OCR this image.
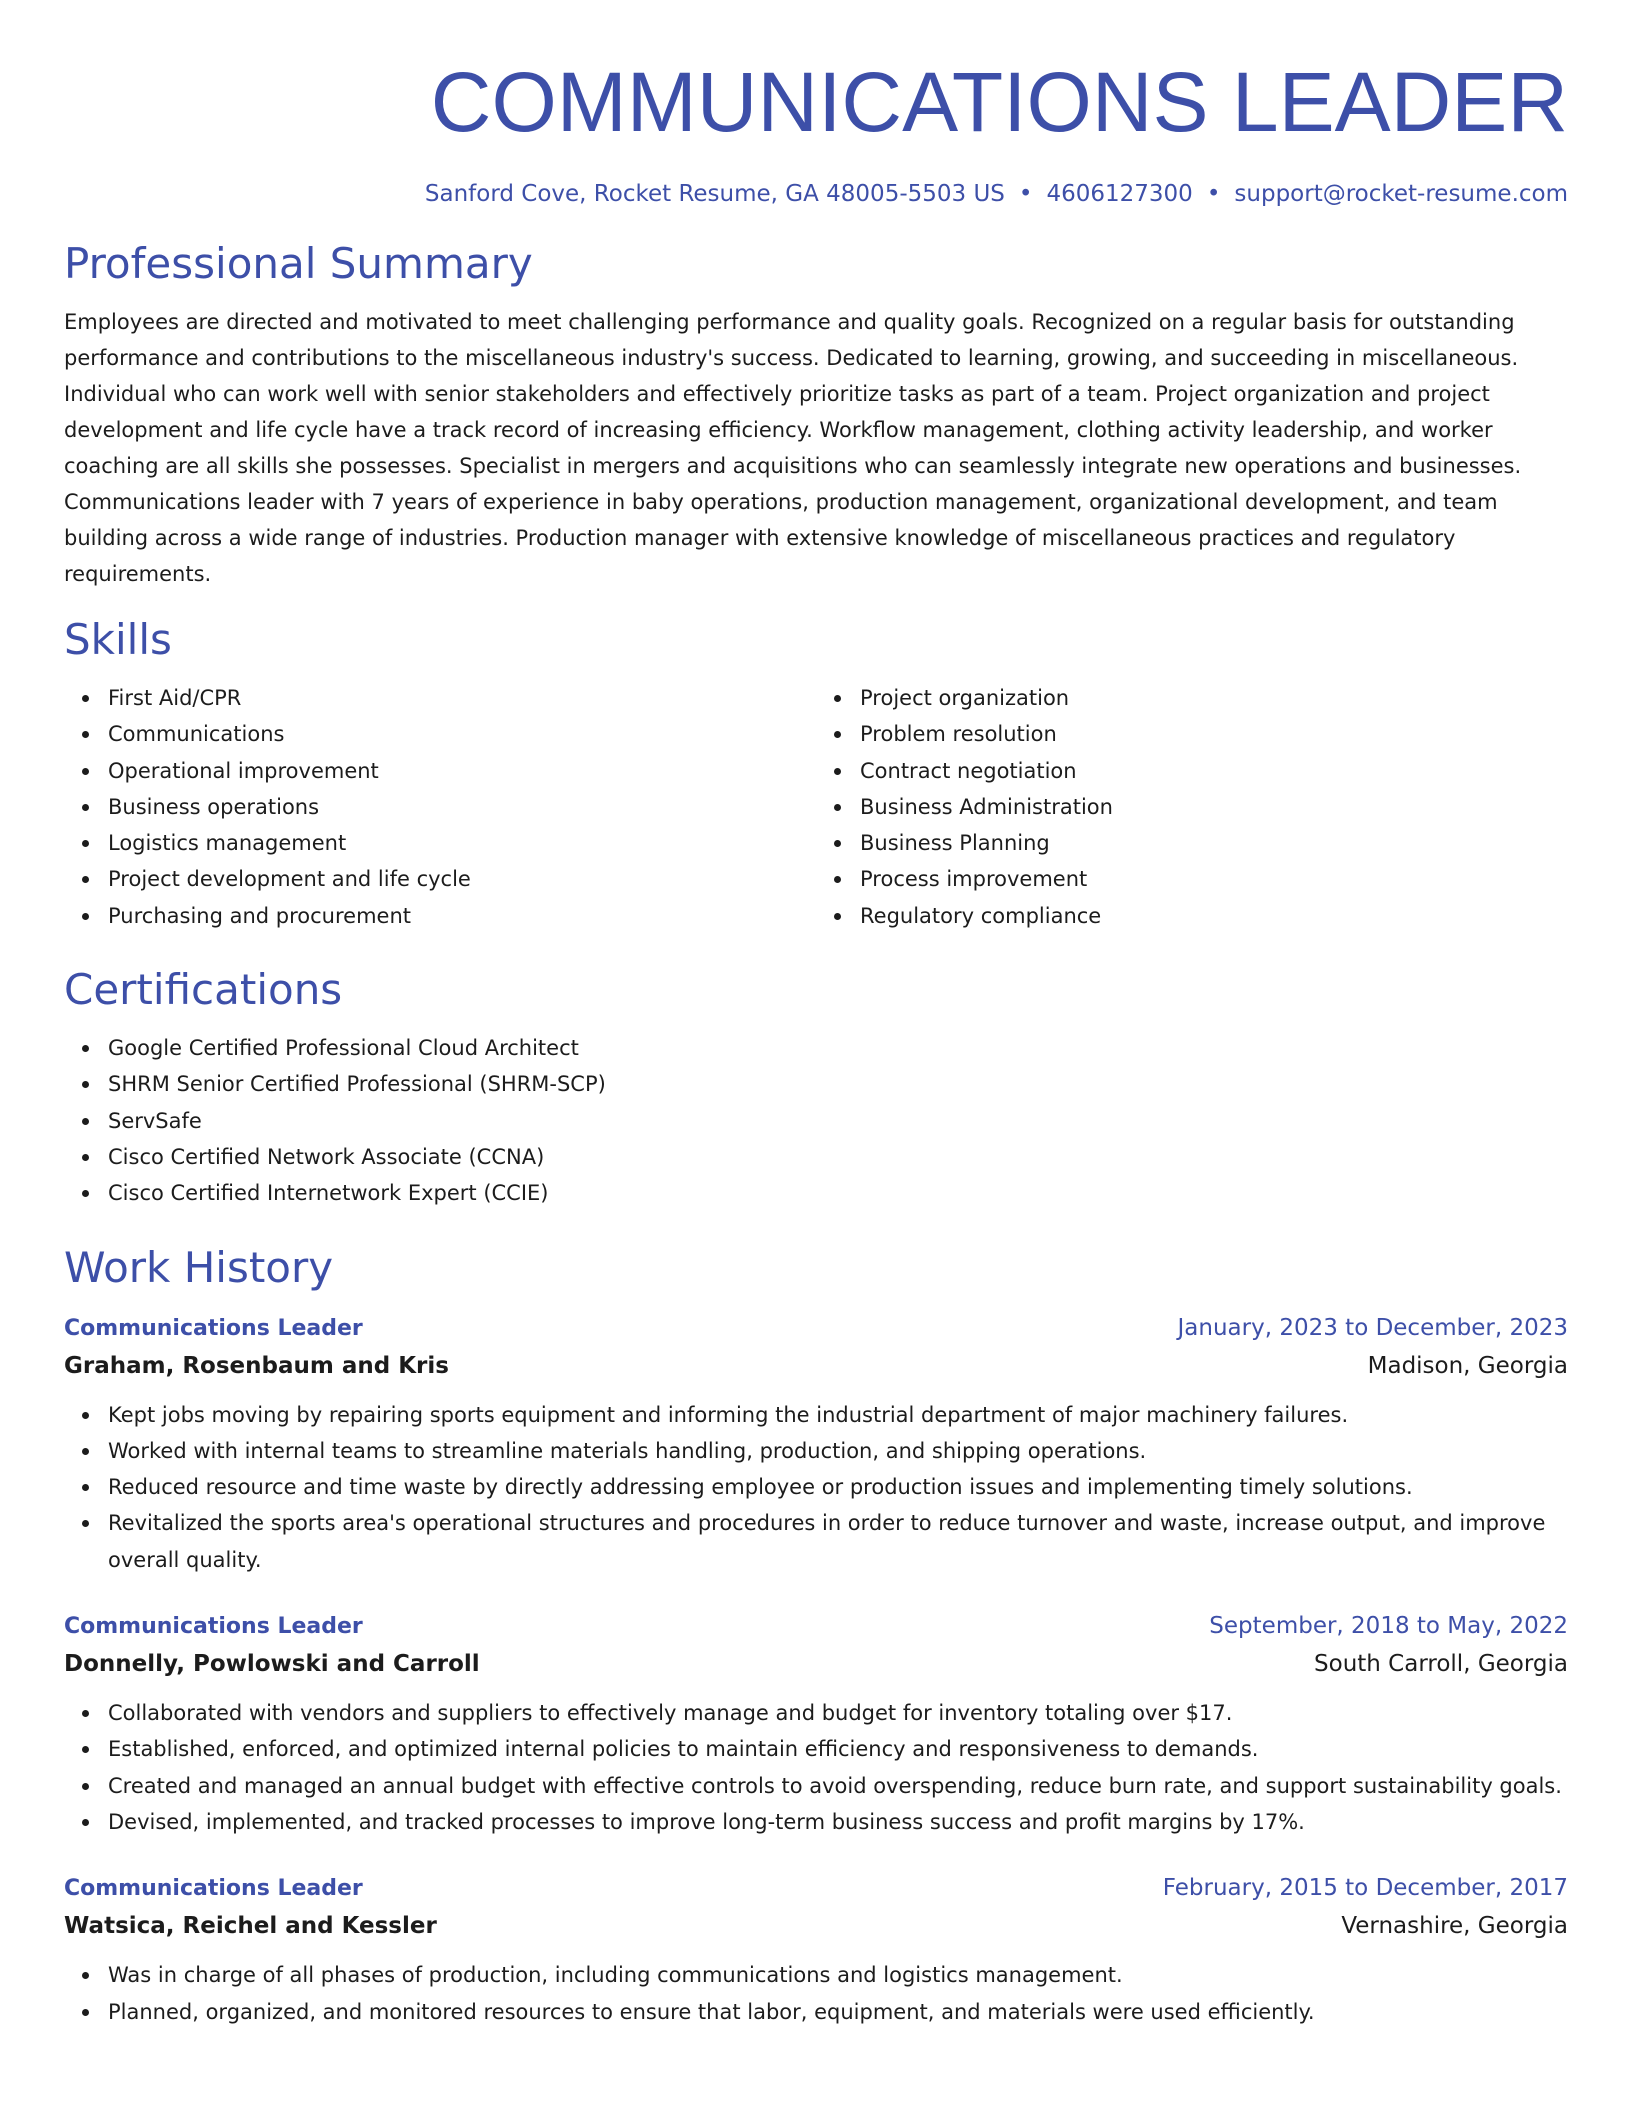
COMMUNICATIONS LEADER
Sanford Cove, Rocket Resume, GA 48005-5503 US • 4606127300 • support@rocket-resume.com
Professional Summary
Employees are directed and motivated to meet challenging performance and quality goals. Recognized on a regular basis for outstanding performance and contributions to the miscellaneous industry's success. Dedicated to learning, growing, and succeeding in miscellaneous. Individual who can work well with senior stakeholders and effectively prioritize tasks as part of a team. Project organization and project development and life cycle have a track record of increasing efficiency. Workflow management, clothing activity leadership, and worker coaching are all skills she possesses. Specialist in mergers and acquisitions who can seamlessly integrate new operations and businesses. Communications leader with 7 years of experience in baby operations, production management, organizational development, and team building across a wide range of industries. Production manager with extensive knowledge of miscellaneous practices and regulatory requirements.
Skills
First Aid/CPR
Communications
Operational improvement
Business operations
Logistics management
Project development and life cycle
Purchasing and procurement
Project organization
Problem resolution
Contract negotiation
Business Administration
Business Planning
Process improvement
Regulatory compliance
Certifications
Google Certified Professional Cloud Architect
SHRM Senior Certified Professional (SHRM-SCP)
ServSafe
Cisco Certified Network Associate (CCNA)
Cisco Certified Internetwork Expert (CCIE)
Work History
Communications Leader	January, 2023 to December, 2023
Graham, Rosenbaum and Kris	Madison, Georgia
Kept jobs moving by repairing sports equipment and informing the industrial department of major machinery failures.
Worked with internal teams to streamline materials handling, production, and shipping operations.
Reduced resource and time waste by directly addressing employee or production issues and implementing timely solutions.
Revitalized the sports area's operational structures and procedures in order to reduce turnover and waste, increase output, and improve overall quality.
Communications Leader	September, 2018 to May, 2022
Donnelly, Powlowski and Carroll	South Carroll, Georgia
Collaborated with vendors and suppliers to effectively manage and budget for inventory totaling over $17.
Established, enforced, and optimized internal policies to maintain efficiency and responsiveness to demands.
Created and managed an annual budget with effective controls to avoid overspending, reduce burn rate, and support sustainability goals.
Devised, implemented, and tracked processes to improve long-term business success and profit margins by 17%.
Communications Leader	February, 2015 to December, 2017
Watsica, Reichel and Kessler	Vernashire, Georgia
Was in charge of all phases of production, including communications and logistics management.
Planned, organized, and monitored resources to ensure that labor, equipment, and materials were used efficiently.
